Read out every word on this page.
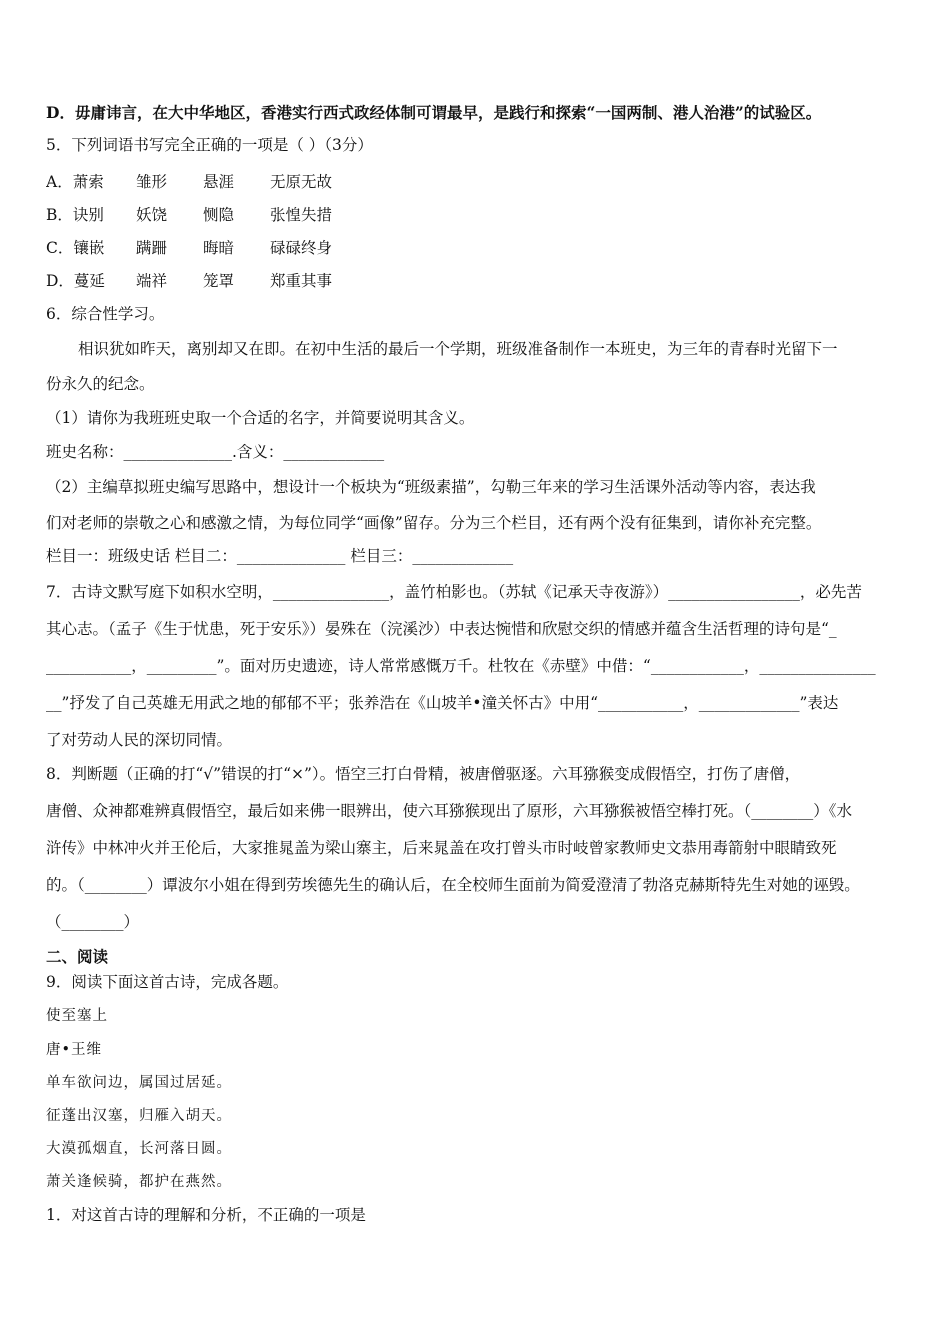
D．毋庸讳言，在大中华地区，香港实行西式政经体制可谓最早，是践行和探索“一国两制、港人治港”的试验区。
5．下列词语书写完全正确的一项是（ ）（3分）
A．萧索 雏形 悬涯 无原无故
B．诀别 妖饶 恻隐 张惶失措
C．镶嵌 蹒跚 晦暗 碌碌终身
D．蔓延 端祥 笼罩 郑重其事
6．综合性学习。
相识犹如昨天，离别却又在即。在初中生活的最后一个学期，班级准备制作一本班史，为三年的青春时光留下一
份永久的纪念。
（1）请你为我班班史取一个合适的名字，并简要说明其含义。
班史名称：______________.含义：_____________
（2）主编草拟班史编写思路中，想设计一个板块为“班级素描”，勾勒三年来的学习生活课外活动等内容，表达我
们对老师的崇敬之心和感激之情，为每位同学“画像”留存。分为三个栏目，还有两个没有征集到，请你补充完整。
栏目一：班级史话 栏目二：______________ 栏目三：_____________
7．古诗文默写庭下如积水空明，_______________，盖竹柏影也。（苏轼《记承天寺夜游》）_________________，必先苦
其心志。（孟子《生于忧患，死于安乐》）晏殊在（浣溪沙）中表达惋惜和欣慰交织的情感并蕴含生活哲理的诗句是“_
___________，_________”。面对历史遗迹，诗人常常感慨万千。杜牧在《赤壁》中借：“____________，_______________
__”抒发了自己英雄无用武之地的郁郁不平；张养浩在《山坡羊•潼关怀古》中用“___________，_____________”表达
了对劳动人民的深切同情。
8．判断题（正确的打“√”错误的打“×”）。悟空三打白骨精，被唐僧驱逐。六耳猕猴变成假悟空，打伤了唐僧，
唐僧、众神都难辨真假悟空，最后如来佛一眼辨出，使六耳猕猴现出了原形，六耳猕猴被悟空棒打死。（________）《水
浒传》中林冲火并王伦后，大家推晁盖为梁山寨主，后来晁盖在攻打曾头市时岐曾家教师史文恭用毒箭射中眼睛致死
的。（________）谭波尔小姐在得到劳埃德先生的确认后，在全校师生面前为简爱澄清了勃洛克赫斯特先生对她的诬毁。
（________）
二、阅读
9．阅读下面这首古诗，完成各题。
使至塞上
唐•王维
单车欲问边，属国过居延。
征蓬出汉塞，归雁入胡天。
大漠孤烟直，长河落日圆。
萧关逢候骑，都护在燕然。
1．对这首古诗的理解和分析，不正确的一项是
